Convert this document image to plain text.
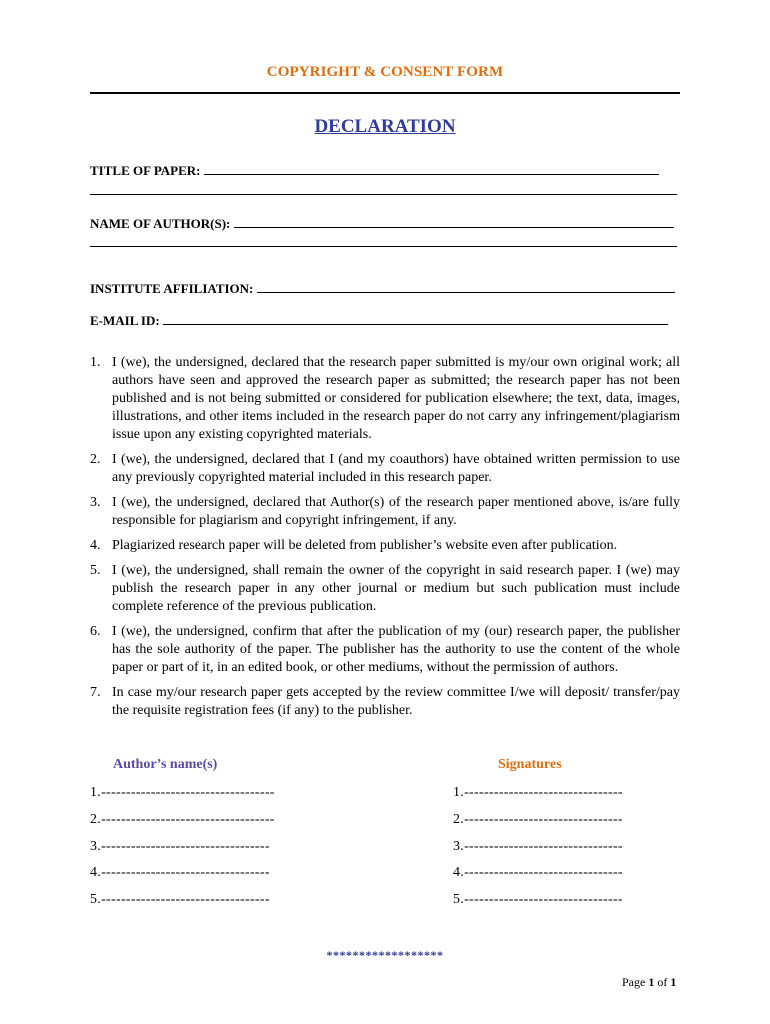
COPYRIGHT & CONSENT FORM
DECLARATION
TITLE OF PAPER:
NAME OF AUTHOR(S):
INSTITUTE AFFILIATION:
E-MAIL ID:
1. I (we), the undersigned, declared that the research paper submitted is my/our own original work; all authors have seen and approved the research paper as submitted; the research paper has not been published and is not being submitted or considered for publication elsewhere; the text, data, images, illustrations, and other items included in the research paper do not carry any infringement/plagiarism issue upon any existing copyrighted materials.
2. I (we), the undersigned, declared that I (and my coauthors) have obtained written permission to use any previously copyrighted material included in this research paper.
3. I (we), the undersigned, declared that Author(s) of the research paper mentioned above, is/are fully responsible for plagiarism and copyright infringement, if any.
4. Plagiarized research paper will be deleted from publisher’s website even after publication.
5. I (we), the undersigned, shall remain the owner of the copyright in said research paper. I (we) may publish the research paper in any other journal or medium but such publication must include complete reference of the previous publication.
6. I (we), the undersigned, confirm that after the publication of my (our) research paper, the publisher has the sole authority of the paper. The publisher has the authority to use the content of the whole paper or part of it, in an edited book, or other mediums, without the permission of authors.
7. In case my/our research paper gets accepted by the review committee I/we will deposit/ transfer/pay the requisite registration fees (if any) to the publisher.
Author’s name(s)	Signatures
1.-----------------------------------
2.-----------------------------------
3.----------------------------------
4.----------------------------------
5.----------------------------------
1.--------------------------------
2.--------------------------------
3.--------------------------------
4.--------------------------------
5.--------------------------------
******************
Page 1 of 1
